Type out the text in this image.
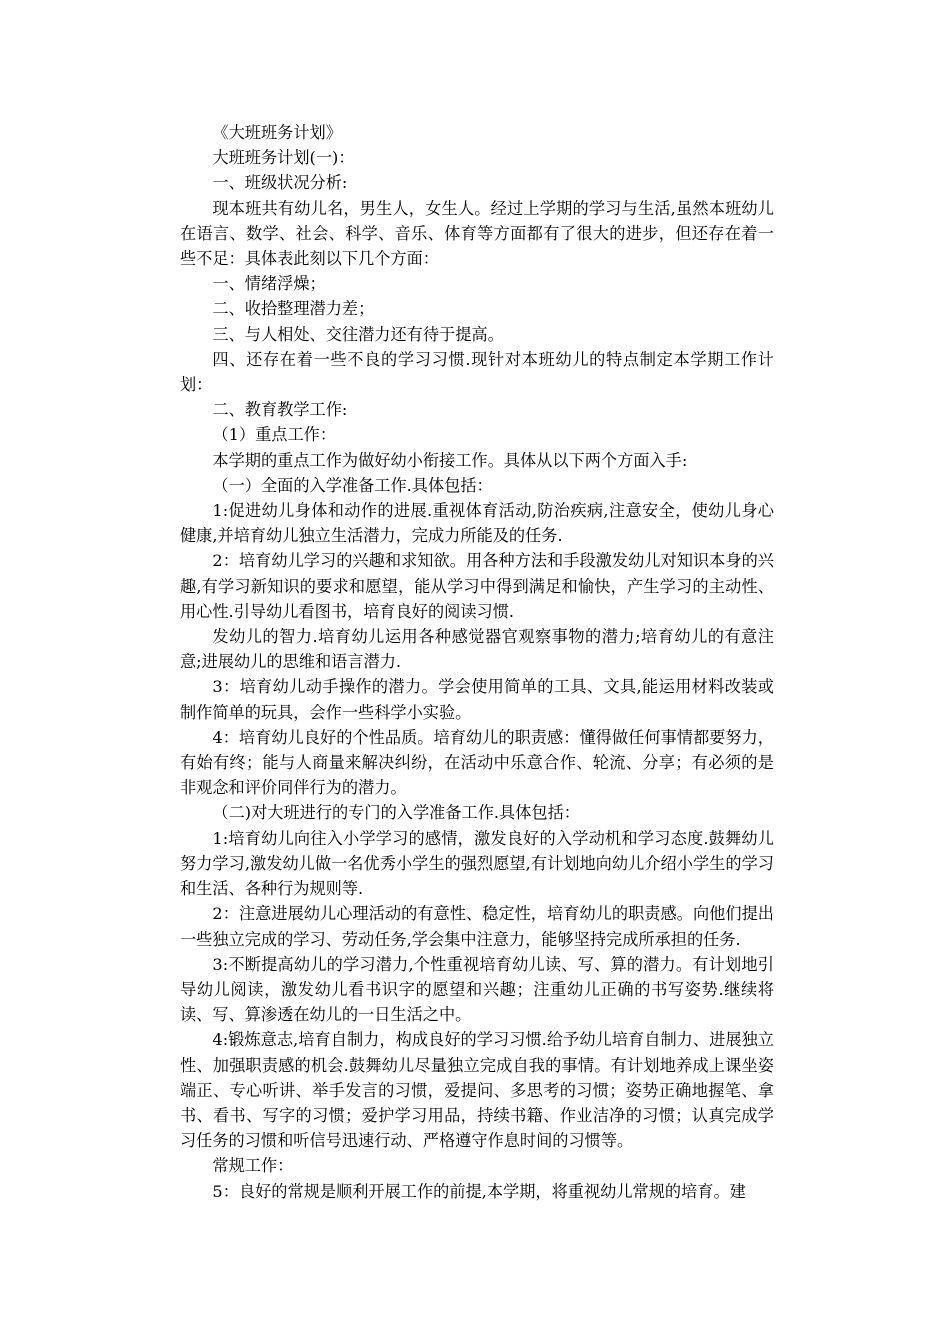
《大班班务计划》

大班班务计划(一)：

一、班级状况分析:

现本班共有幼儿名，男生人，女生人。经过上学期的学习与生活,虽然本班幼儿在语言、数学、社会、科学、音乐、体育等方面都有了很大的进步，但还存在着一些不足：具体表此刻以下几个方面：

一、情绪浮燥；

二、收拾整理潜力差；

三、与人相处、交往潜力还有待于提高。

四、还存在着一些不良的学习习惯.现针对本班幼儿的特点制定本学期工作计划：

二、教育教学工作:

（1）重点工作：

本学期的重点工作为做好幼小衔接工作。具体从以下两个方面入手:

（一）全面的入学准备工作.具体包括：

1:促进幼儿身体和动作的进展.重视体育活动,防治疾病,注意安全，使幼儿身心健康,并培育幼儿独立生活潜力，完成力所能及的任务.

2：培育幼儿学习的兴趣和求知欲。用各种方法和手段激发幼儿对知识本身的兴趣,有学习新知识的要求和愿望，能从学习中得到满足和愉快，产生学习的主动性、用心性.引导幼儿看图书，培育良好的阅读习惯.

发幼儿的智力.培育幼儿运用各种感觉器官观察事物的潜力;培育幼儿的有意注意;进展幼儿的思维和语言潜力.

3：培育幼儿动手操作的潜力。学会使用简单的工具、文具,能运用材料改装或制作简单的玩具，会作一些科学小实验。

4：培育幼儿良好的个性品质。培育幼儿的职责感：懂得做任何事情都要努力，有始有终；能与人商量来解决纠纷，在活动中乐意合作、轮流、分享；有必须的是非观念和评价同伴行为的潜力。

（二)对大班进行的专门的入学准备工作.具体包括：

1:培育幼儿向往入小学学习的感情，激发良好的入学动机和学习态度.鼓舞幼儿努力学习,激发幼儿做一名优秀小学生的强烈愿望,有计划地向幼儿介绍小学生的学习和生活、各种行为规则等.

2：注意进展幼儿心理活动的有意性、稳定性，培育幼儿的职责感。向他们提出一些独立完成的学习、劳动任务,学会集中注意力，能够坚持完成所承担的任务.

3:不断提高幼儿的学习潜力,个性重视培育幼儿读、写、算的潜力。有计划地引导幼儿阅读，激发幼儿看书识字的愿望和兴趣；注重幼儿正确的书写姿势.继续将读、写、算渗透在幼儿的一日生活之中。

4:锻炼意志,培育自制力，构成良好的学习习惯.给予幼儿培育自制力、进展独立性、加强职责感的机会.鼓舞幼儿尽量独立完成自我的事情。有计划地养成上课坐姿端正、专心听讲、举手发言的习惯，爱提问、多思考的习惯；姿势正确地握笔、拿书、看书、写字的习惯；爱护学习用品，持续书籍、作业洁净的习惯；认真完成学习任务的习惯和听信号迅速行动、严格遵守作息时间的习惯等。

常规工作：

5：良好的常规是顺利开展工作的前提,本学期，将重视幼儿常规的培育。建
